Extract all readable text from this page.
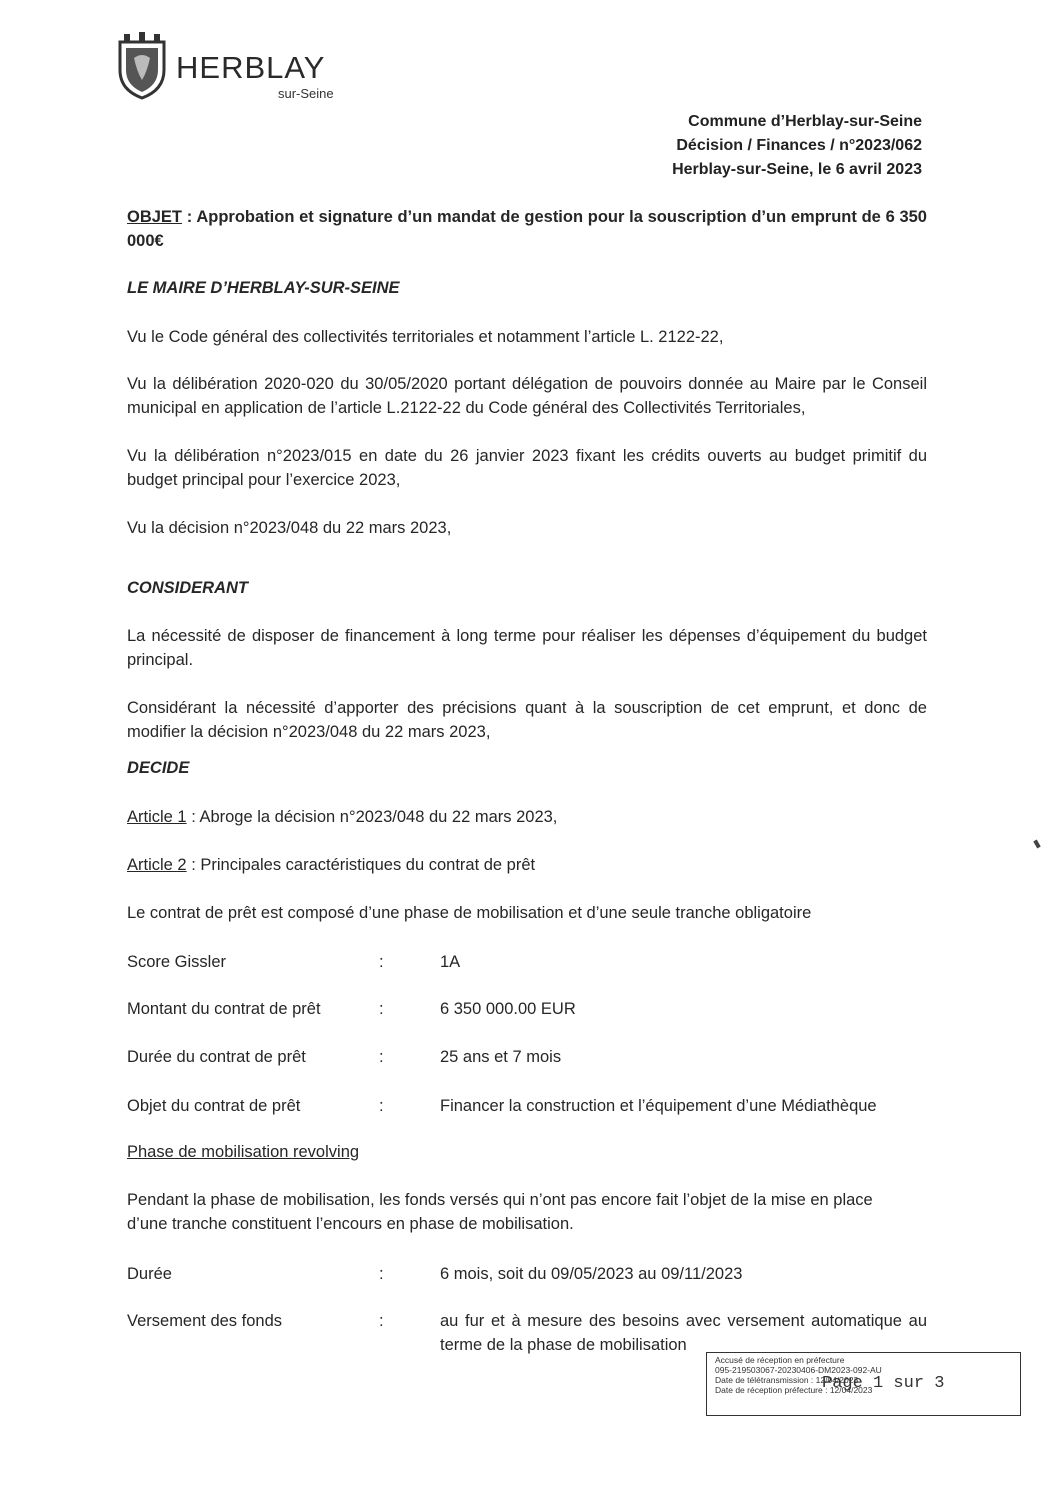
HERBLAY
sur-Seine
Commune d’Herblay-sur-Seine
Décision / Finances / n°2023/062
Herblay-sur-Seine, le 6 avril 2023
OBJET : Approbation et signature d’un mandat de gestion pour la souscription d’un emprunt de 6 350 000€
LE MAIRE D’HERBLAY-SUR-SEINE
Vu le Code général des collectivités territoriales et notamment l’article L. 2122-22,
Vu la délibération 2020-020 du 30/05/2020 portant délégation de pouvoirs donnée au Maire par le Conseil municipal en application de l’article L.2122-22 du Code général des Collectivités Territoriales,
Vu la délibération n°2023/015 en date du 26 janvier 2023 fixant les crédits ouverts au budget primitif du budget principal pour l’exercice 2023,
Vu la décision n°2023/048 du 22 mars 2023,
CONSIDERANT
La nécessité de disposer de financement à long terme pour réaliser les dépenses d’équipement du budget principal.
Considérant la nécessité d’apporter des précisions quant à la souscription de cet emprunt, et donc de modifier la décision n°2023/048 du 22 mars 2023,
DECIDE
Article 1 : Abroge la décision n°2023/048 du 22 mars 2023,
Article 2 : Principales caractéristiques du contrat de prêt
Le contrat de prêt est composé d’une phase de mobilisation et d’une seule tranche obligatoire
Score Gissler	:	1A
Montant du contrat de prêt	:	6 350 000.00 EUR
Durée du contrat de prêt	:	25 ans et 7 mois
Objet du contrat de prêt	:	Financer la construction et l’équipement d’une Médiathèque
Phase de mobilisation revolving
Pendant la phase de mobilisation, les fonds versés qui n’ont pas encore fait l’objet de la mise en place d’une tranche constituent l’encours en phase de mobilisation.
Durée	:	6 mois, soit du 09/05/2023 au 09/11/2023
Versement des fonds	:	au fur et à mesure des besoins avec versement automatique au terme de la phase de mobilisation
Accusé de réception en préfecture
095-219503067-20230406-DM2023-092-AU
Date de télétransmission : 12/04/2023
Date de réception préfecture : 12/04/2023
Page 1 sur 3
